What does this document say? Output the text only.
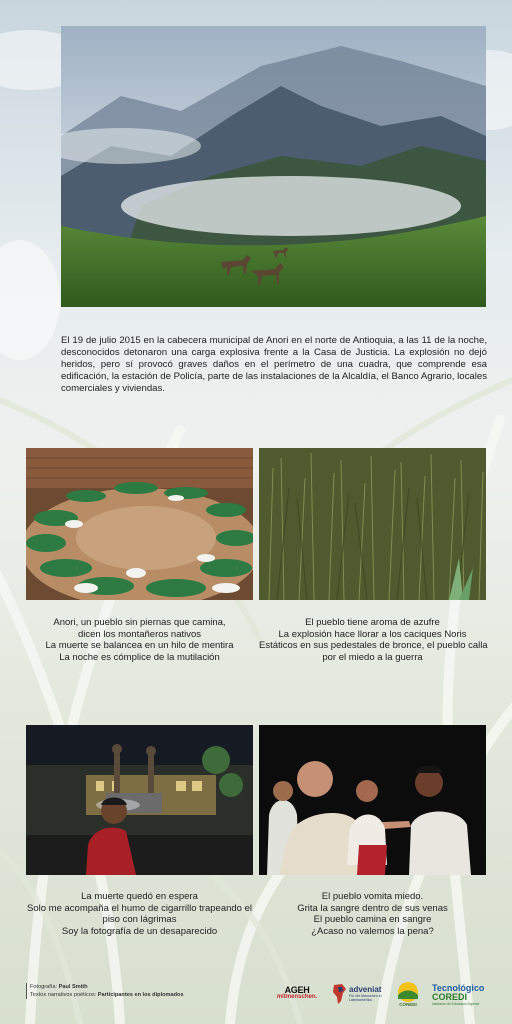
El 19 de julio 2015 en la cabecera municipal de Anori en el norte de Antioquia, a las 11 de la noche, desconocidos detonaron una carga explosiva frente a la Casa de Justicia. La explosión no dejó heridos, pero sí provocó graves daños en el perímetro de una cuadra, que comprende esa edificación, la estación de Policía, parte de las instalaciones de la Alcaldía, el Banco Agrario, locales comerciales y viviendas.
Anori, un pueblo sin piernas que camina,
dicen los montañeros nativos
La muerte se balancea en un hilo de mentira
La noche es cómplice de la mutilación
El pueblo tiene aroma de azufre
La explosión hace llorar a los caciques Noris
Estáticos en sus pedestales de bronce, el pueblo calla
por el miedo a la guerra
La muerte quedó en espera
Solo me acompaña el humo de cigarrillo trapeando el piso con lágrimas
Soy la fotografía de un desaparecido
El pueblo vomita miedo.
Grita la sangre dentro de sus venas
El pueblo camina en sangre
¿Acaso no valemos la pena?
Fotografía: Paul Smith
Textos narrativos poéticos: Participantes en los diplomados	AGEH
mitmenschen.
adveniat
Für die Menschen in Lateinamerika
COREDI
Tecnológico
COREDI
Institución de Educación Superior
